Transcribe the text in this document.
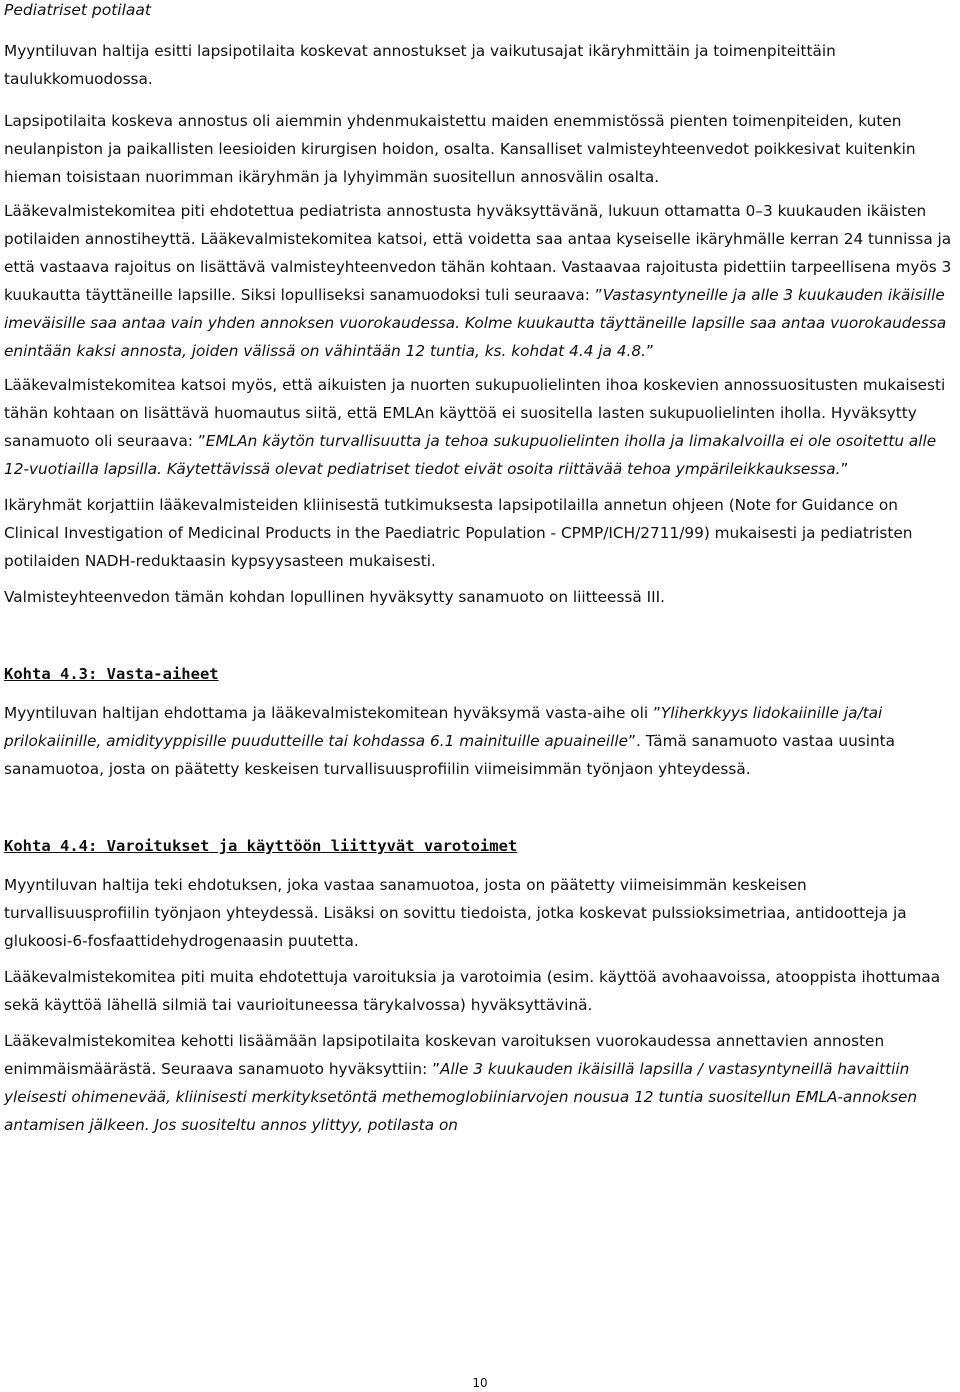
Pediatriset potilaat

Myyntiluvan haltija esitti lapsipotilaita koskevat annostukset ja vaikutusajat ikäryhmittäin ja toimenpiteittäin taulukkomuodossa.

Lapsipotilaita koskeva annostus oli aiemmin yhdenmukaistettu maiden enemmistössä pienten toimenpiteiden, kuten neulanpiston ja paikallisten leesioiden kirurgisen hoidon, osalta. Kansalliset valmisteyhteenvedot poikkesivat kuitenkin hieman toisistaan nuorimman ikäryhmän ja lyhyimmän suositellun annosvälin osalta.

Lääkevalmistekomitea piti ehdotettua pediatrista annostusta hyväksyttävänä, lukuun ottamatta 0–3 kuukauden ikäisten potilaiden annostiheyttä. Lääkevalmistekomitea katsoi, että voidetta saa antaa kyseiselle ikäryhmälle kerran 24 tunnissa ja että vastaava rajoitus on lisättävä valmisteyhteenvedon tähän kohtaan. Vastaavaa rajoitusta pidettiin tarpeellisena myös 3 kuukautta täyttäneille lapsille. Siksi lopulliseksi sanamuodoksi tuli seuraava: ”Vastasyntyneille ja alle 3 kuukauden ikäisille imeväisille saa antaa vain yhden annoksen vuorokaudessa. Kolme kuukautta täyttäneille lapsille saa antaa vuorokaudessa enintään kaksi annosta, joiden välissä on vähintään 12 tuntia, ks. kohdat 4.4 ja 4.8.”

Lääkevalmistekomitea katsoi myös, että aikuisten ja nuorten sukupuolielinten ihoa koskevien annossuositusten mukaisesti tähän kohtaan on lisättävä huomautus siitä, että EMLAn käyttöä ei suositella lasten sukupuolielinten iholla. Hyväksytty sanamuoto oli seuraava: ”EMLAn käytön turvallisuutta ja tehoa sukupuolielinten iholla ja limakalvoilla ei ole osoitettu alle 12-vuotiailla lapsilla. Käytettävissä olevat pediatriset tiedot eivät osoita riittävää tehoa ympärileikkauksessa.”

Ikäryhmät korjattiin lääkevalmisteiden kliinisestä tutkimuksesta lapsipotilailla annetun ohjeen (Note for Guidance on Clinical Investigation of Medicinal Products in the Paediatric Population - CPMP/ICH/2711/99) mukaisesti ja pediatristen potilaiden NADH-reduktaasin kypsyysasteen mukaisesti.

Valmisteyhteenvedon tämän kohdan lopullinen hyväksytty sanamuoto on liitteessä III.

Kohta 4.3: Vasta-aiheet

Myyntiluvan haltijan ehdottama ja lääkevalmistekomitean hyväksymä vasta-aihe oli ”Yliherkkyys lidokaiinille ja/tai prilokaiinille, amidityyppisille puudutteille tai kohdassa 6.1 mainituille apuaineille”. Tämä sanamuoto vastaa uusinta sanamuotoa, josta on päätetty keskeisen turvallisuusprofiilin viimeisimmän työnjaon yhteydessä.

Kohta 4.4: Varoitukset ja käyttöön liittyvät varotoimet

Myyntiluvan haltija teki ehdotuksen, joka vastaa sanamuotoa, josta on päätetty viimeisimmän keskeisen turvallisuusprofiilin työnjaon yhteydessä. Lisäksi on sovittu tiedoista, jotka koskevat pulssioksimetriaa, antidootteja ja glukoosi-6-fosfaattidehydrogenaasin puutetta.

Lääkevalmistekomitea piti muita ehdotettuja varoituksia ja varotoimia (esim. käyttöä avohaavoissa, atooppista ihottumaa sekä käyttöä lähellä silmiä tai vaurioituneessa tärykalvossa) hyväksyttävinä.

Lääkevalmistekomitea kehotti lisäämään lapsipotilaita koskevan varoituksen vuorokaudessa annettavien annosten enimmäismäärästä. Seuraava sanamuoto hyväksyttiin: ”Alle 3 kuukauden ikäisillä lapsilla / vastasyntyneillä havaittiin yleisesti ohimenevää, kliinisesti merkityksetöntä methemoglobiiniarvojen nousua 12 tuntia suositellun EMLA-annoksen antamisen jälkeen. Jos suositeltu annos ylittyy, potilasta on

10
